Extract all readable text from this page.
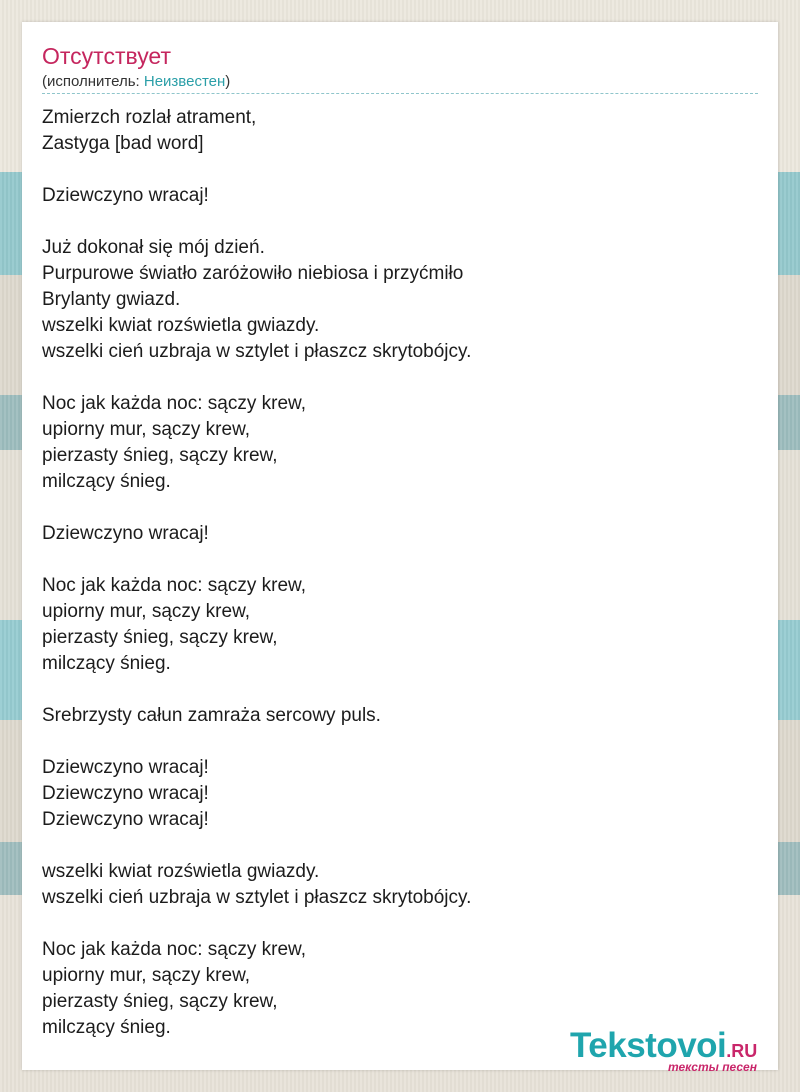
Отсутствует
(исполнитель: Неизвестен)
Zmierzch rozlał atrament,
Zastyga [bad word]
Dziewczyno wracaj!
Już dokonał się mój dzień.
Purpurowe światło zaróżowiło niebiosa i przyćmiło
Brylanty gwiazd.
wszelki kwiat rozświetla gwiazdy.
wszelki cień uzbraja w sztylet i płaszcz skrytobójcy.
Noc jak każda noc: sączy krew,
upiorny mur, sączy krew,
pierzasty śnieg, sączy krew,
milczący śnieg.
Dziewczyno wracaj!
Noc jak każda noc: sączy krew,
upiorny mur, sączy krew,
pierzasty śnieg, sączy krew,
milczący śnieg.
Srebrzysty całun zamraża sercowy puls.
Dziewczyno wracaj!
Dziewczyno wracaj!
Dziewczyno wracaj!
wszelki kwiat rozświetla gwiazdy.
wszelki cień uzbraja w sztylet i płaszcz skrytobójcy.
Noc jak każda noc: sączy krew,
upiorny mur, sączy krew,
pierzasty śnieg, sączy krew,
milczący śnieg.	Tekstovoi.RU
тексты песен
